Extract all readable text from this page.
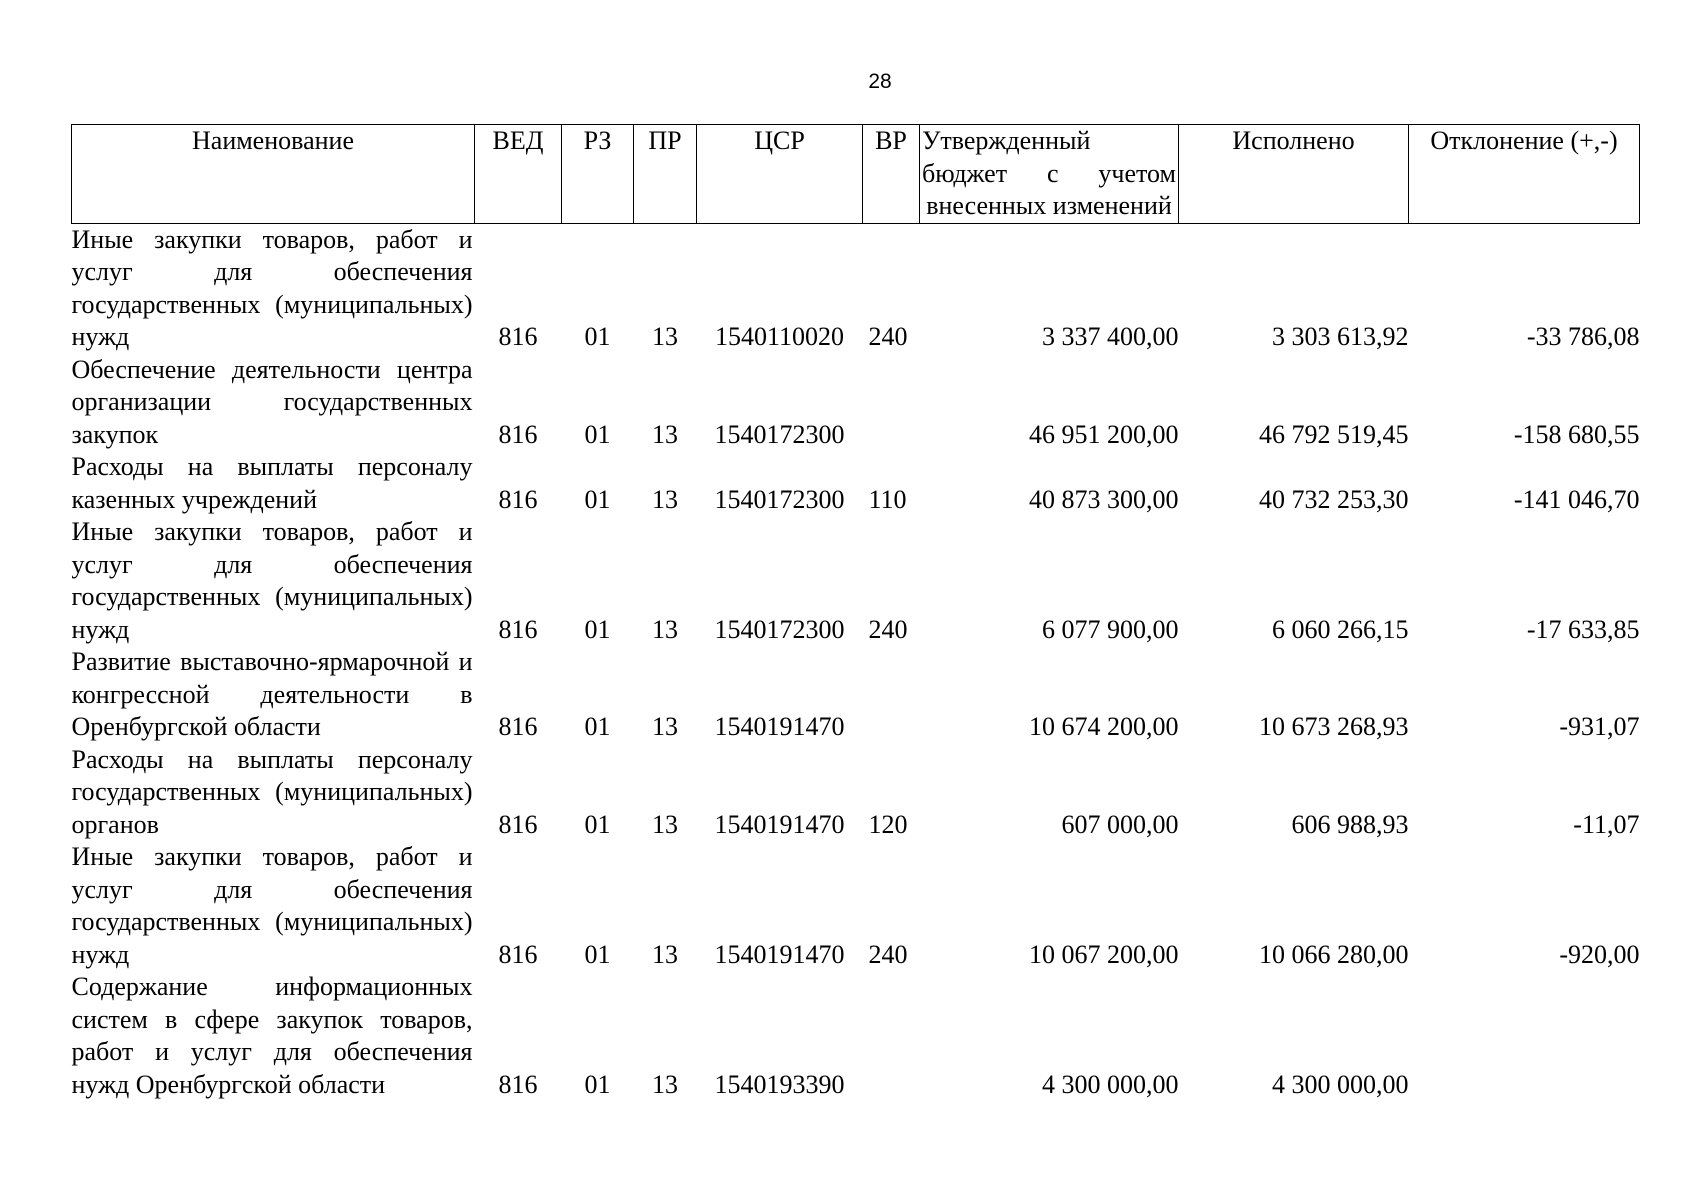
28
Наименование	ВЕД	РЗ	ПР	ЦСР	ВР	Утвержденный бюджет с учетом внесенных изменений	Исполнено	Отклонение (+,-)
Иные закупки товаров, работ и услуг для обеспечения государственных (муниципальных) нужд	816	01	13	1540110020	240	3 337 400,00	3 303 613,92	-33 786,08
Обеспечение деятельности центра организации государственных закупок	816	01	13	1540172300		46 951 200,00	46 792 519,45	-158 680,55
Расходы на выплаты персоналу казенных учреждений	816	01	13	1540172300	110	40 873 300,00	40 732 253,30	-141 046,70
Иные закупки товаров, работ и услуг для обеспечения государственных (муниципальных) нужд	816	01	13	1540172300	240	6 077 900,00	6 060 266,15	-17 633,85
Развитие выставочно-ярмарочной и конгрессной деятельности в Оренбургской области	816	01	13	1540191470		10 674 200,00	10 673 268,93	-931,07
Расходы на выплаты персоналу государственных (муниципальных) органов	816	01	13	1540191470	120	607 000,00	606 988,93	-11,07
Иные закупки товаров, работ и услуг для обеспечения государственных (муниципальных) нужд	816	01	13	1540191470	240	10 067 200,00	10 066 280,00	-920,00
Содержание информационных систем в сфере закупок товаров, работ и услуг для обеспечения нужд Оренбургской области	816	01	13	1540193390		4 300 000,00	4 300 000,00	
